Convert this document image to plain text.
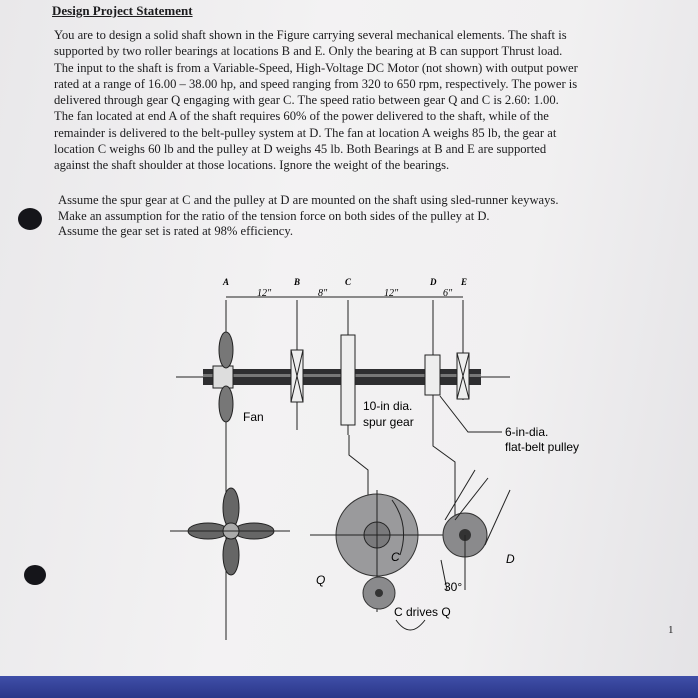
Design Project Statement
You are to design a solid shaft shown in the Figure carrying several mechanical elements. The shaft is
supported by two roller bearings at locations B and E. Only the bearing at B can support Thrust load.
The input to the shaft is from a Variable-Speed, High-Voltage DC Motor (not shown) with output power
rated at a range of 16.00 – 38.00 hp, and speed ranging from 320 to 650 rpm, respectively. The power is
delivered through gear Q engaging with gear C. The speed ratio between gear Q and C is 2.60: 1.00.
The fan located at end A of the shaft requires 60% of the power delivered to the shaft, while of the
remainder is delivered to the belt-pulley system at D. The fan at location A weighs 85 lb, the gear at
location C weighs 60 lb and the pulley at D weighs 45 lb. Both Bearings at B and E are supported
against the shaft shoulder at those locations. Ignore the weight of the bearings.
Assume the spur gear at C and the pulley at D are mounted on the shaft using sled-runner keyways.
Make an assumption for the ratio of the tension force on both sides of the pulley at D.
Assume the gear set is rated at 98% efficiency.
A	B	C	D	E
12"	8"	12"	6"
Fan
10-in dia.
spur gear
6-in-dia.
flat-belt pulley
C	D
Q	30°
C drives Q
1
